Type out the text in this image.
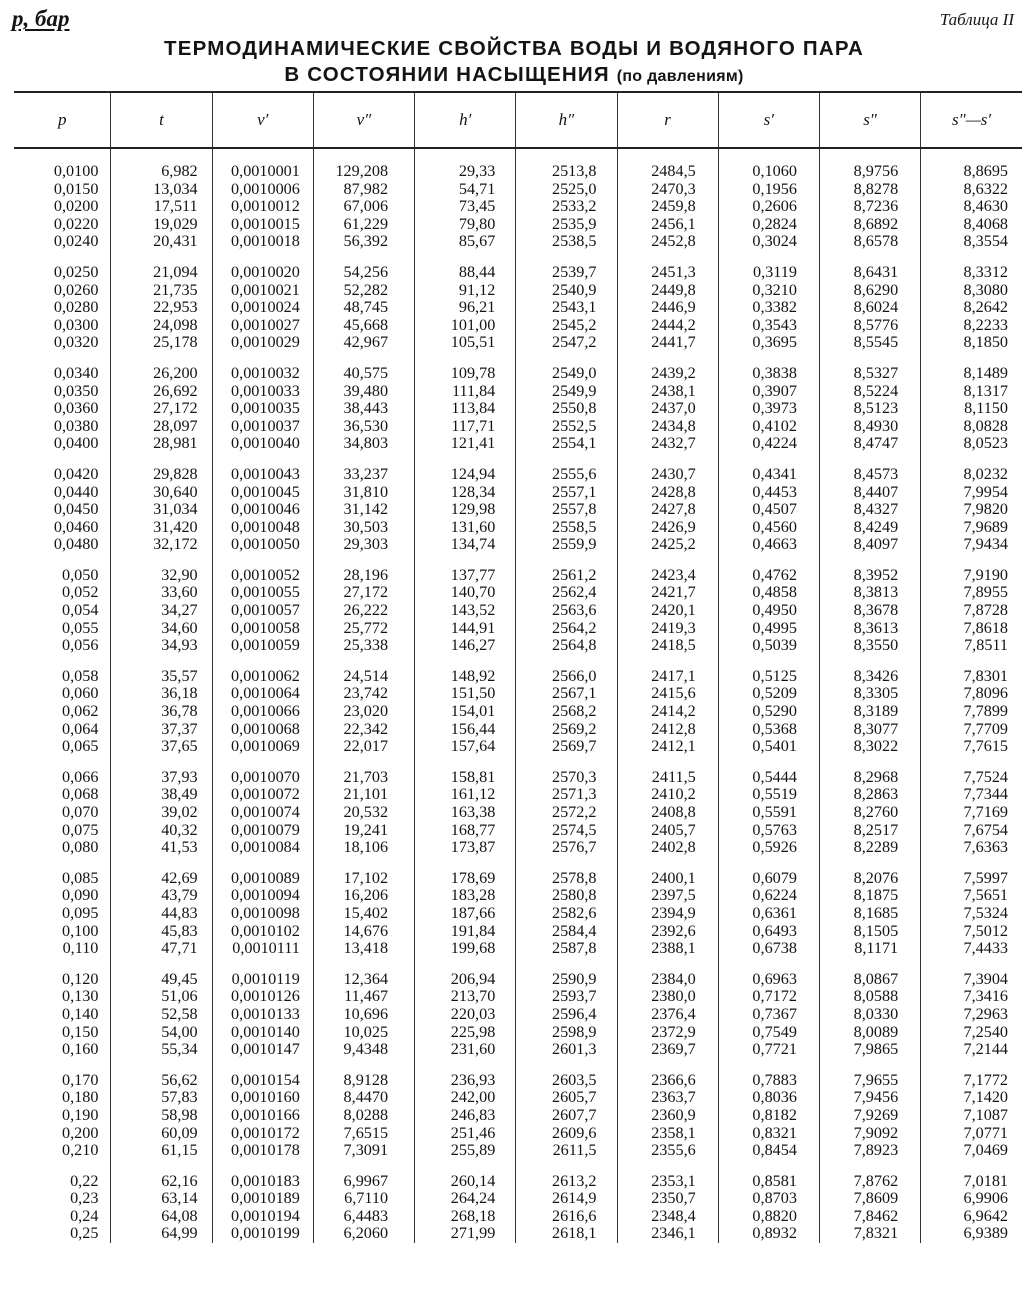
p, бар	Таблица II
ТЕРМОДИНАМИЧЕСКИЕ СВОЙСТВА ВОДЫ И ВОДЯНОГО ПАРА
В СОСТОЯНИИ НАСЫЩЕНИЯ (по давлениям)
p	t	v′	v″	h′	h″	r	s′	s″	s″—s′

0,0100	6,982	0,0010001	129,208	29,33	2513,8	2484,5	0,1060	8,9756	8,8695
0,0150	13,034	0,0010006	87,982	54,71	2525,0	2470,3	0,1956	8,8278	8,6322
0,0200	17,511	0,0010012	67,006	73,45	2533,2	2459,8	0,2606	8,7236	8,4630
0,0220	19,029	0,0010015	61,229	79,80	2535,9	2456,1	0,2824	8,6892	8,4068
0,0240	20,431	0,0010018	56,392	85,67	2538,5	2452,8	0,3024	8,6578	8,3554

0,0250	21,094	0,0010020	54,256	88,44	2539,7	2451,3	0,3119	8,6431	8,3312
0,0260	21,735	0,0010021	52,282	91,12	2540,9	2449,8	0,3210	8,6290	8,3080
0,0280	22,953	0,0010024	48,745	96,21	2543,1	2446,9	0,3382	8,6024	8,2642
0,0300	24,098	0,0010027	45,668	101,00	2545,2	2444,2	0,3543	8,5776	8,2233
0,0320	25,178	0,0010029	42,967	105,51	2547,2	2441,7	0,3695	8,5545	8,1850

0,0340	26,200	0,0010032	40,575	109,78	2549,0	2439,2	0,3838	8,5327	8,1489
0,0350	26,692	0,0010033	39,480	111,84	2549,9	2438,1	0,3907	8,5224	8,1317
0,0360	27,172	0,0010035	38,443	113,84	2550,8	2437,0	0,3973	8,5123	8,1150
0,0380	28,097	0,0010037	36,530	117,71	2552,5	2434,8	0,4102	8,4930	8,0828
0,0400	28,981	0,0010040	34,803	121,41	2554,1	2432,7	0,4224	8,4747	8,0523

0,0420	29,828	0,0010043	33,237	124,94	2555,6	2430,7	0,4341	8,4573	8,0232
0,0440	30,640	0,0010045	31,810	128,34	2557,1	2428,8	0,4453	8,4407	7,9954
0,0450	31,034	0,0010046	31,142	129,98	2557,8	2427,8	0,4507	8,4327	7,9820
0,0460	31,420	0,0010048	30,503	131,60	2558,5	2426,9	0,4560	8,4249	7,9689
0,0480	32,172	0,0010050	29,303	134,74	2559,9	2425,2	0,4663	8,4097	7,9434

0,050	32,90	0,0010052	28,196	137,77	2561,2	2423,4	0,4762	8,3952	7,9190
0,052	33,60	0,0010055	27,172	140,70	2562,4	2421,7	0,4858	8,3813	7,8955
0,054	34,27	0,0010057	26,222	143,52	2563,6	2420,1	0,4950	8,3678	7,8728
0,055	34,60	0,0010058	25,772	144,91	2564,2	2419,3	0,4995	8,3613	7,8618
0,056	34,93	0,0010059	25,338	146,27	2564,8	2418,5	0,5039	8,3550	7,8511

0,058	35,57	0,0010062	24,514	148,92	2566,0	2417,1	0,5125	8,3426	7,8301
0,060	36,18	0,0010064	23,742	151,50	2567,1	2415,6	0,5209	8,3305	7,8096
0,062	36,78	0,0010066	23,020	154,01	2568,2	2414,2	0,5290	8,3189	7,7899
0,064	37,37	0,0010068	22,342	156,44	2569,2	2412,8	0,5368	8,3077	7,7709
0,065	37,65	0,0010069	22,017	157,64	2569,7	2412,1	0,5401	8,3022	7,7615

0,066	37,93	0,0010070	21,703	158,81	2570,3	2411,5	0,5444	8,2968	7,7524
0,068	38,49	0,0010072	21,101	161,12	2571,3	2410,2	0,5519	8,2863	7,7344
0,070	39,02	0,0010074	20,532	163,38	2572,2	2408,8	0,5591	8,2760	7,7169
0,075	40,32	0,0010079	19,241	168,77	2574,5	2405,7	0,5763	8,2517	7,6754
0,080	41,53	0,0010084	18,106	173,87	2576,7	2402,8	0,5926	8,2289	7,6363

0,085	42,69	0,0010089	17,102	178,69	2578,8	2400,1	0,6079	8,2076	7,5997
0,090	43,79	0,0010094	16,206	183,28	2580,8	2397,5	0,6224	8,1875	7,5651
0,095	44,83	0,0010098	15,402	187,66	2582,6	2394,9	0,6361	8,1685	7,5324
0,100	45,83	0,0010102	14,676	191,84	2584,4	2392,6	0,6493	8,1505	7,5012
0,110	47,71	0,0010111	13,418	199,68	2587,8	2388,1	0,6738	8,1171	7,4433

0,120	49,45	0,0010119	12,364	206,94	2590,9	2384,0	0,6963	8,0867	7,3904
0,130	51,06	0,0010126	11,467	213,70	2593,7	2380,0	0,7172	8,0588	7,3416
0,140	52,58	0,0010133	10,696	220,03	2596,4	2376,4	0,7367	8,0330	7,2963
0,150	54,00	0,0010140	10,025	225,98	2598,9	2372,9	0,7549	8,0089	7,2540
0,160	55,34	0,0010147	9,4348	231,60	2601,3	2369,7	0,7721	7,9865	7,2144

0,170	56,62	0,0010154	8,9128	236,93	2603,5	2366,6	0,7883	7,9655	7,1772
0,180	57,83	0,0010160	8,4470	242,00	2605,7	2363,7	0,8036	7,9456	7,1420
0,190	58,98	0,0010166	8,0288	246,83	2607,7	2360,9	0,8182	7,9269	7,1087
0,200	60,09	0,0010172	7,6515	251,46	2609,6	2358,1	0,8321	7,9092	7,0771
0,210	61,15	0,0010178	7,3091	255,89	2611,5	2355,6	0,8454	7,8923	7,0469

0,22	62,16	0,0010183	6,9967	260,14	2613,2	2353,1	0,8581	7,8762	7,0181
0,23	63,14	0,0010189	6,7110	264,24	2614,9	2350,7	0,8703	7,8609	6,9906
0,24	64,08	0,0010194	6,4483	268,18	2616,6	2348,4	0,8820	7,8462	6,9642
0,25	64,99	0,0010199	6,2060	271,99	2618,1	2346,1	0,8932	7,8321	6,9389
